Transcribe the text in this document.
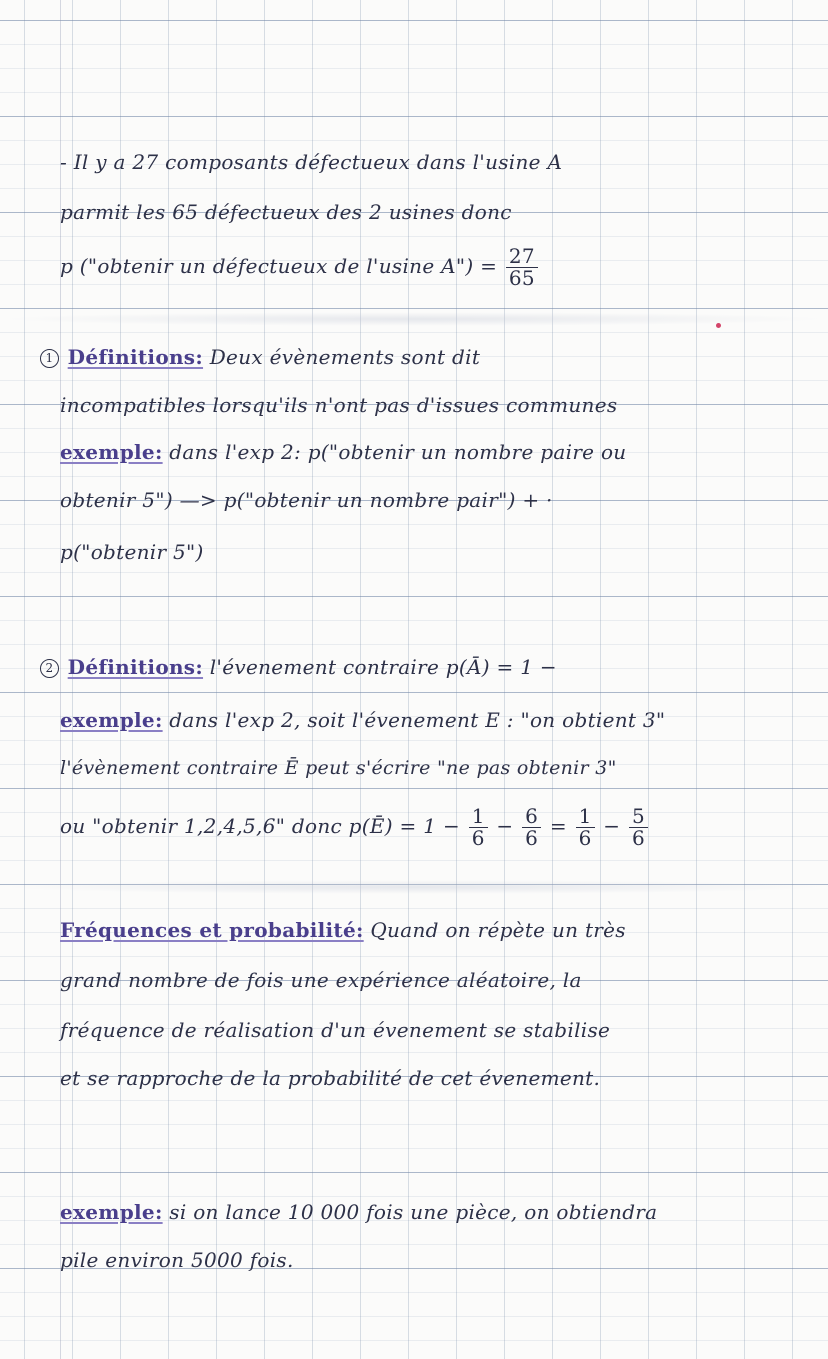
- Il y a 27 composants défectueux dans l'usine A
parmit les 65 défectueux des 2 usines donc
p ("obtenir un défectueux de l'usine A") = $\frac{27}{65}$
1 Définitions: Deux évènements sont dit
incompatibles lorsqu'ils n'ont pas d'issues communes
exemple: dans l'exp 2: p("obtenir un nombre paire ou
obtenir 5") —> p("obtenir un nombre pair") + ·
p("obtenir 5")
2 Définitions: l'évenement contraire p(Ā) = 1 −
exemple: dans l'exp 2, soit l'évenement E : "on obtient 3"
l'évènement contraire Ē peut s'écrire "ne pas obtenir 3"
ou "obtenir 1,2,4,5,6" donc p(Ē) = $1 - \frac{1}{6} - \frac{6}{6} = \frac{1}{6} - \frac{5}{6}$
Fréquences et probabilité: Quand on répète un très
grand nombre de fois une expérience aléatoire, la
fréquence de réalisation d'un évenement se stabilise
et se rapproche de la probabilité de cet évenement.
exemple: si on lance 10 000 fois une pièce, on obtiendra
pile environ 5000 fois.
